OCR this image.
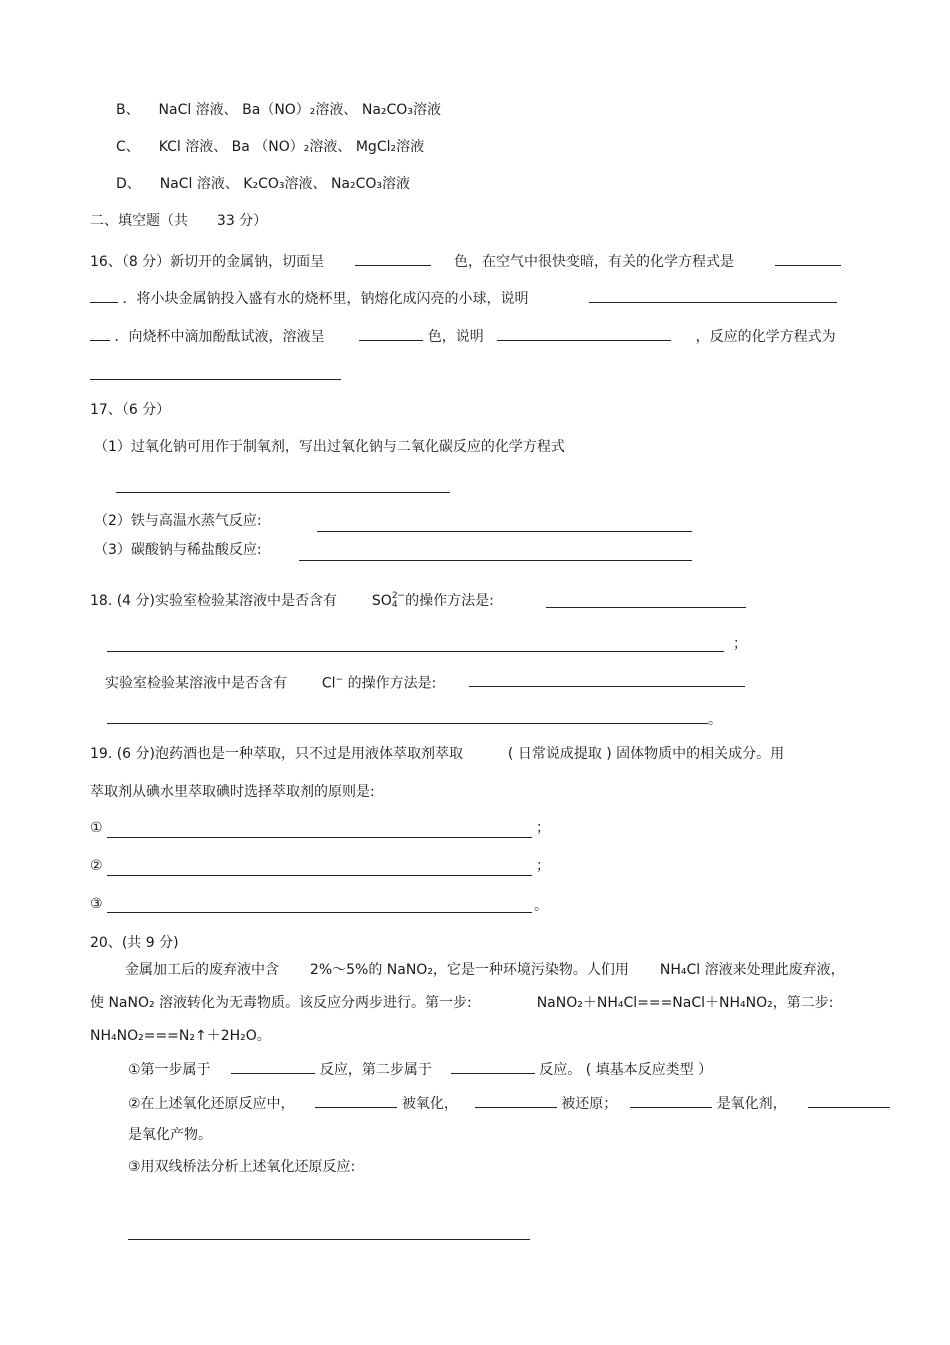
B、 NaCl 溶液、 Ba（NO）₂溶液、 Na₂CO₃溶液
C、 KCl 溶液、 Ba （NO）₂溶液、 MgCl₂溶液
D、 NaCl 溶液、 K₂CO₃溶液、 Na₂CO₃溶液
二、填空题（共 33 分）
16、（8 分）新切开的金属钠，切面呈	色，在空气中很快变暗，有关的化学方程式是
．将小块金属钠投入盛有水的烧杯里，钠熔化成闪亮的小球，说明
．向烧杯中滴加酚酞试液，溶液呈	色，说明	，反应的化学方程式为
17、（6 分）
（1）过氧化钠可用作于制氧剂，写出过氧化钠与二氧化碳反应的化学方程式
（2）铁与高温水蒸气反应:
（3）碳酸钠与稀盐酸反应:
18. (4 分)实验室检验某溶液中是否含有 SO 2−
4 的操作方法是:
；
实验室检验某溶液中是否含有 Cl− 的操作方法是:
。
19. (6 分)泡药酒也是一种萃取，只不过是用液体萃取剂萃取	( 日常说成提取 ) 固体物质中的相关成分。用
萃取剂从碘水里萃取碘时选择萃取剂的原则是:
①	；
②	；
③	。
20、(共 9 分)
金属加工后的废弃液中含 2%～5%的 NaNO₂，它是一种环境污染物。人们用 NH₄Cl 溶液来处理此废弃液，
使 NaNO₂ 溶液转化为无毒物质。该反应分两步进行。第一步:	NaNO₂＋NH₄Cl===NaCl＋NH₄NO₂，第二步:
NH₄NO₂===N₂↑＋2H₂O。
①第一步属于	反应，第二步属于	反应。 ( 填基本反应类型 ）
②在上述氧化还原反应中，	被氧化，	被还原；	是氧化剂，
是氧化产物。
③用双线桥法分析上述氧化还原反应:
